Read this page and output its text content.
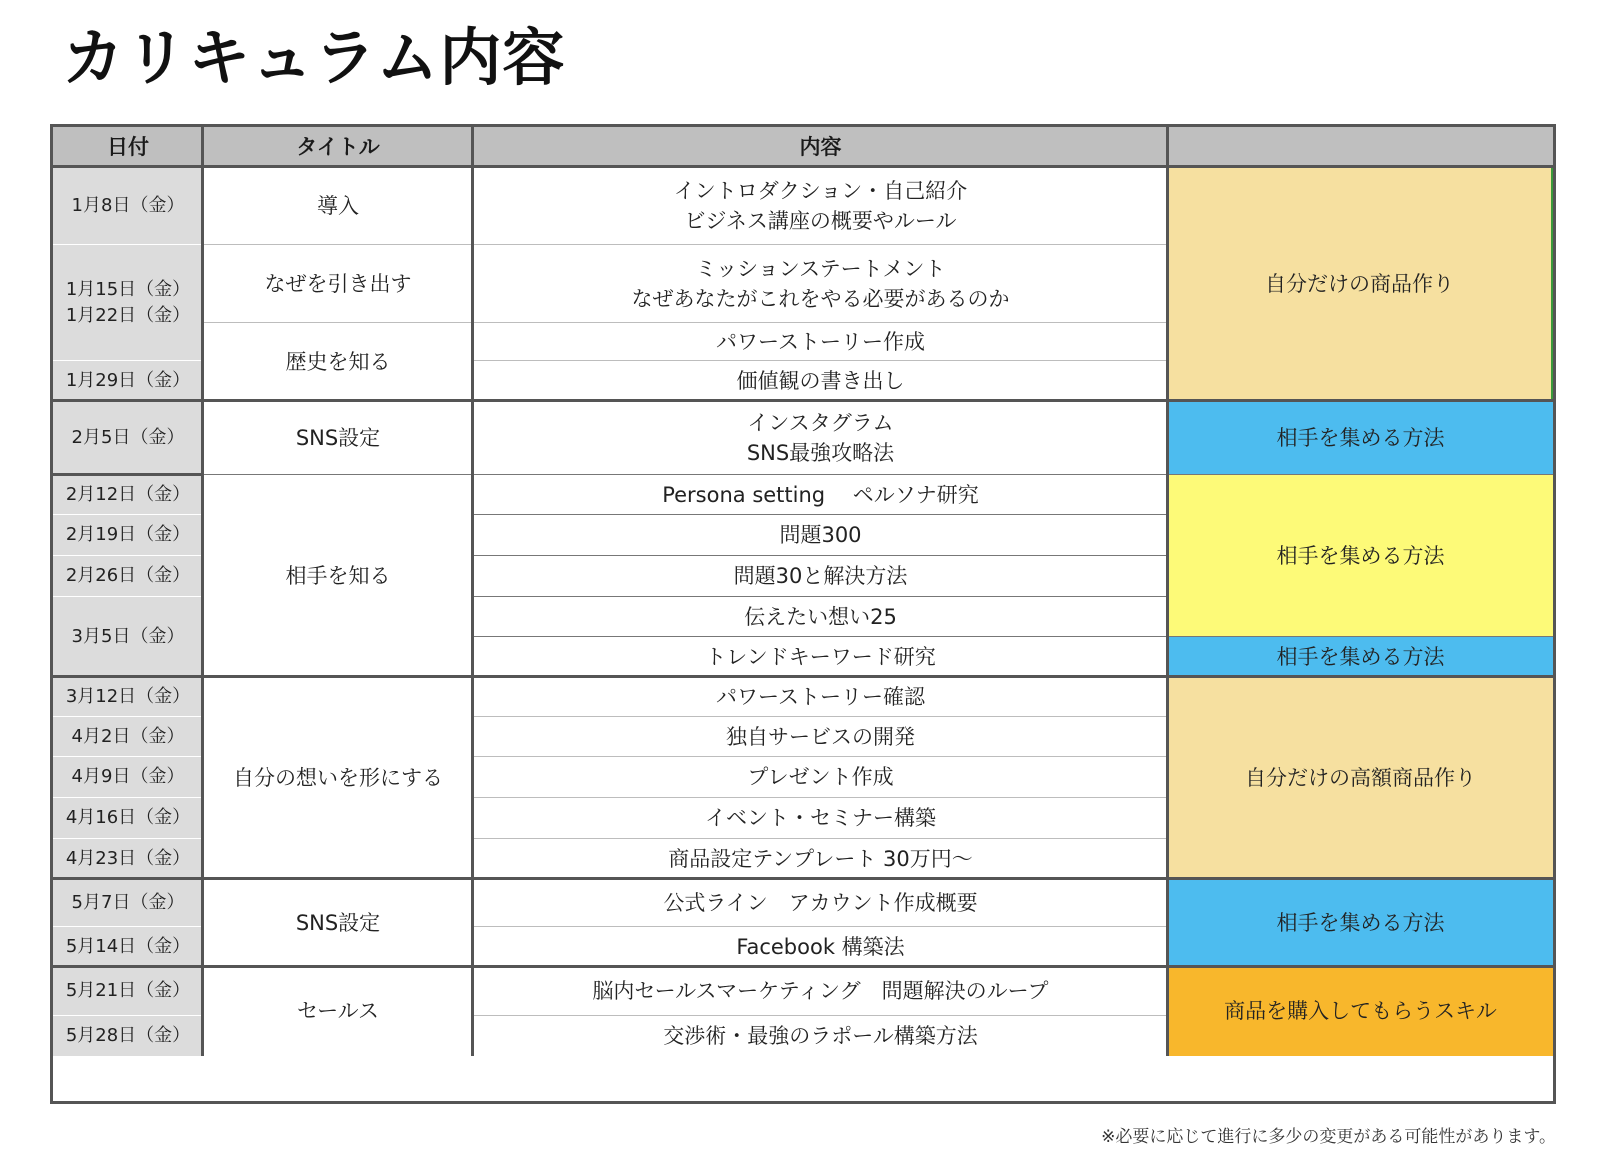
カリキュラム内容
日付	タイトル	内容
1月8日（金）
1月15日（金）
1月22日（金）
1月29日（金）
2月5日（金）
2月12日（金）
2月19日（金）
2月26日（金）
3月5日（金）
3月12日（金）
4月2日（金）
4月9日（金）
4月16日（金）
4月23日（金）
5月7日（金）
5月14日（金）
5月21日（金）
5月28日（金）
導入
なぜを引き出す
歴史を知る
SNS設定
相手を知る
自分の想いを形にする
SNS設定
セールス
イントロダクション・自己紹介
ビジネス講座の概要やルール
ミッションステートメント
なぜあなたがこれをやる必要があるのか
パワーストーリー作成
価値観の書き出し
インスタグラム
SNS最強攻略法
Persona setting　 ペルソナ研究
問題300
問題30と解決方法
伝えたい想い25
トレンドキーワード研究
パワーストーリー確認
独自サービスの開発
プレゼント作成
イベント・セミナー構築
商品設定テンプレート 30万円〜
公式ライン　アカウント作成概要
Facebook 構築法
脳内セールスマーケティング　問題解決のループ
交渉術・最強のラポール構築方法
自分だけの商品作り
相手を集める方法
相手を集める方法
相手を集める方法
自分だけの高額商品作り
相手を集める方法
商品を購入してもらうスキル
※必要に応じて進行に多少の変更がある可能性があります。
